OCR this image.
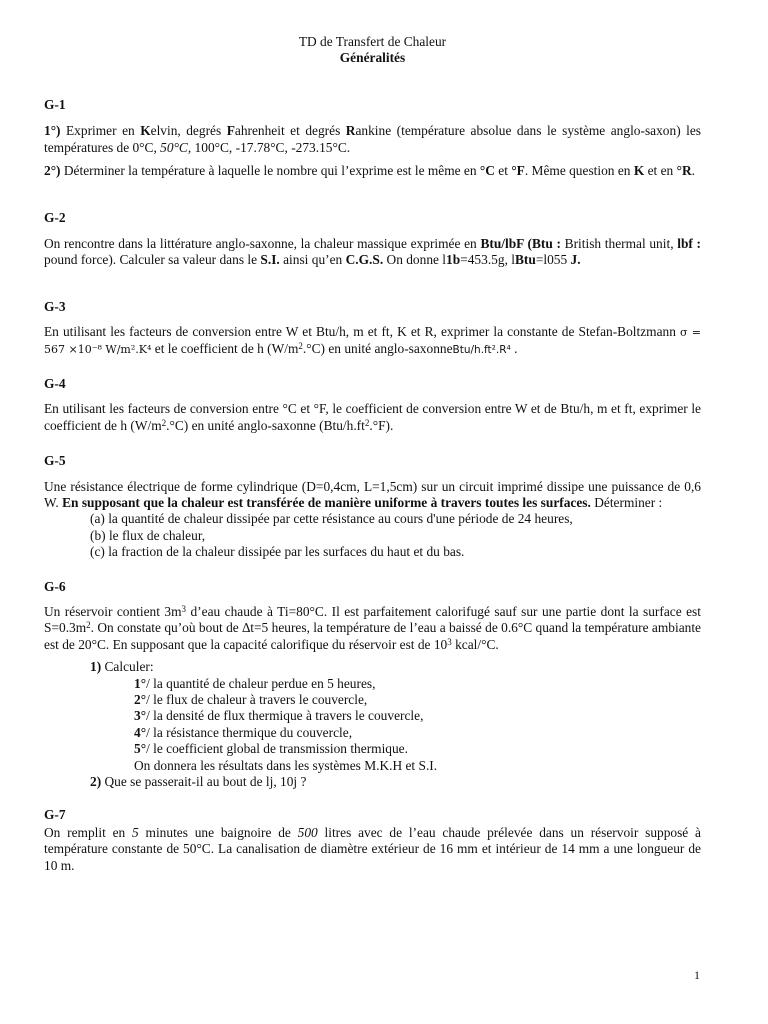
TD de Transfert de Chaleur
Généralités
G-1

1°) Exprimer en Kelvin, degrés Fahrenheit et degrés Rankine (température absolue dans le système anglo-saxon) les températures de 0°C, 50°C, 100°C, -17.78°C, -273.15°C.

2°) Déterminer la température à laquelle le nombre qui l’exprime est le même en °C et °F. Même question en K et en °R.

G-2

On rencontre dans la littérature anglo-saxonne, la chaleur massique exprimée en Btu/lbF (Btu : British thermal unit, lbf : pound force). Calculer sa valeur dans le S.I. ainsi qu’en C.G.S. On donne l1b=453.5g, lBtu=l055 J.

G-3

En utilisant les facteurs de conversion entre W et Btu/h, m et ft, K et R, exprimer la constante de Stefan-Boltzmann σ = 567 ×10⁻⁸ W/m².K⁴ et le coefficient de h $(W/m^2.^\circ C)$ en unité anglo-saxonneBtu/h.ft².R⁴ .

G-4

En utilisant les facteurs de conversion entre °C et °F, le coefficient de conversion entre W et de Btu/h, m et ft, exprimer le coefficient de h $(W/m^2.^\circ C)$ en unité anglo-saxonne $(Btu/h.ft^2.^\circ F)$.

G-5

Une résistance électrique de forme cylindrique (D=0,4cm, L=1,5cm) sur un circuit imprimé dissipe une puissance de 0,6 W. En supposant que la chaleur est transférée de manière uniforme à travers toutes les surfaces. Déterminer :

(a) la quantité de chaleur dissipée par cette résistance au cours d'une période de 24 heures,
(b) le flux de chaleur,
(c) la fraction de la chaleur dissipée par les surfaces du haut et du bas.
G-6

Un réservoir contient $3m^3$ d’eau chaude à Ti=80°C. Il est parfaitement calorifugé sauf sur une partie dont la surface est $S=0.3m^2$. On constate qu’où bout de ∆t=5 heures, la température de l’eau a baissé de 0.6°C quand la température ambiante est de 20°C. En supposant que la capacité calorifique du réservoir est de $10^3$ kcal/°C.

1) Calculer:
1°/ la quantité de chaleur perdue en 5 heures,
2°/ le flux de chaleur à travers le couvercle,
3°/ la densité de flux thermique à travers le couvercle,
4°/ la résistance thermique du couvercle,
5°/ le coefficient global de transmission thermique.
On donnera les résultats dans les systèmes M.K.H et S.I.
2) Que se passerait-il au bout de lj, 10j ?
G-7

On remplit en 5 minutes une baignoire de 500 litres avec de l’eau chaude prélevée dans un réservoir supposé à température constante de 50°C. La canalisation de diamètre extérieur de 16 mm et intérieur de 14 mm a une longueur de 10 m.

1
